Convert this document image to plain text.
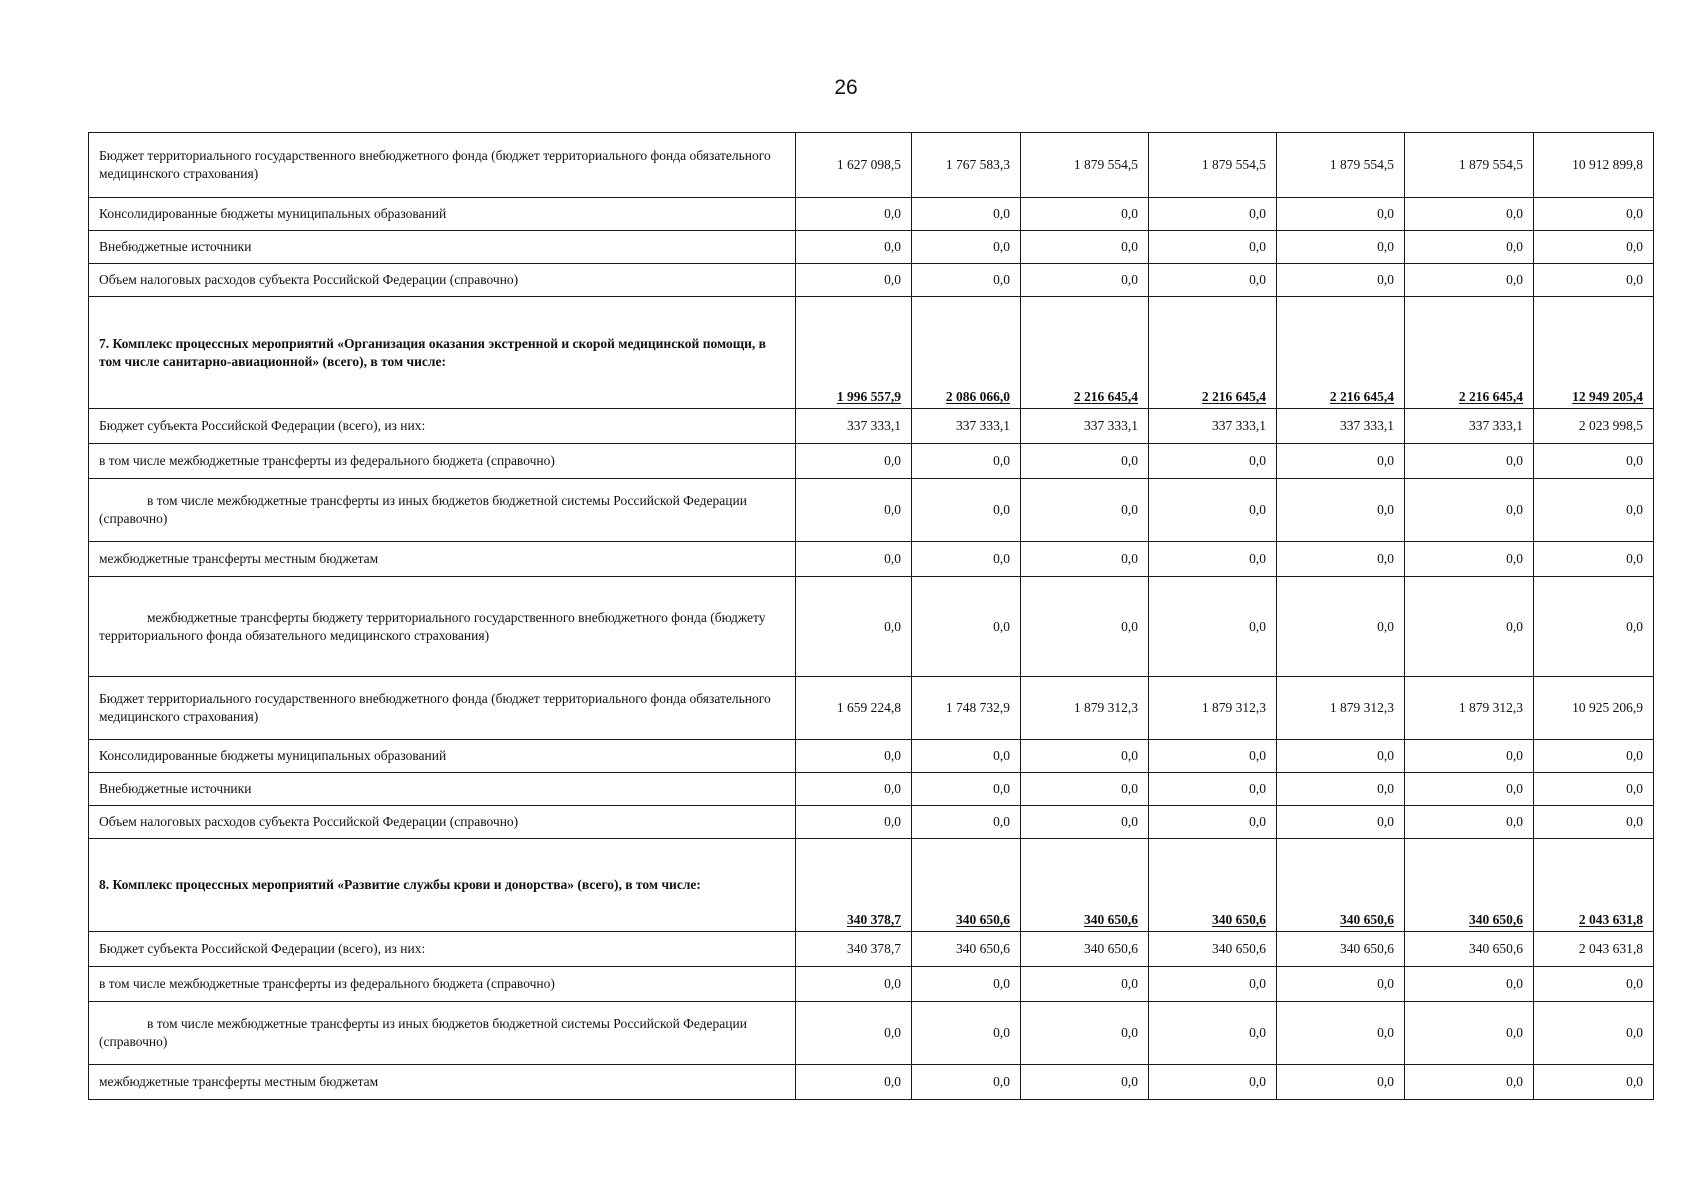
26
Бюджет территориального государственного внебюджетного фонда (бюджет территориального фонда обязательного медицинского страхования)	1 627 098,5	1 767 583,3	1 879 554,5	1 879 554,5	1 879 554,5	1 879 554,5	10 912 899,8
Консолидированные бюджеты муниципальных образований	0,0	0,0	0,0	0,0	0,0	0,0	0,0
Внебюджетные источники	0,0	0,0	0,0	0,0	0,0	0,0	0,0
Объем налоговых расходов субъекта Российской Федерации (справочно)	0,0	0,0	0,0	0,0	0,0	0,0	0,0
7. Комплекс процессных мероприятий «Организация оказания экстренной и скорой медицинской помощи, в том числе санитарно-авиационной» (всего), в том числе:	1 996 557,9	2 086 066,0	2 216 645,4	2 216 645,4	2 216 645,4	2 216 645,4	12 949 205,4
Бюджет субъекта Российской Федерации (всего), из них:	337 333,1	337 333,1	337 333,1	337 333,1	337 333,1	337 333,1	2 023 998,5
в том числе межбюджетные трансферты из федерального бюджета (справочно)	0,0	0,0	0,0	0,0	0,0	0,0	0,0
в том числе межбюджетные трансферты из иных бюджетов бюджетной системы Российской Федерации (справочно)	0,0	0,0	0,0	0,0	0,0	0,0	0,0
межбюджетные трансферты местным бюджетам	0,0	0,0	0,0	0,0	0,0	0,0	0,0
межбюджетные трансферты бюджету территориального государственного внебюджетного фонда (бюджету территориального фонда обязательного медицинского страхования)	0,0	0,0	0,0	0,0	0,0	0,0	0,0
Бюджет территориального государственного внебюджетного фонда (бюджет территориального фонда обязательного медицинского страхования)	1 659 224,8	1 748 732,9	1 879 312,3	1 879 312,3	1 879 312,3	1 879 312,3	10 925 206,9
Консолидированные бюджеты муниципальных образований	0,0	0,0	0,0	0,0	0,0	0,0	0,0
Внебюджетные источники	0,0	0,0	0,0	0,0	0,0	0,0	0,0
Объем налоговых расходов субъекта Российской Федерации (справочно)	0,0	0,0	0,0	0,0	0,0	0,0	0,0
8. Комплекс процессных мероприятий «Развитие службы крови и донорства» (всего), в том числе:	340 378,7	340 650,6	340 650,6	340 650,6	340 650,6	340 650,6	2 043 631,8
Бюджет субъекта Российской Федерации (всего), из них:	340 378,7	340 650,6	340 650,6	340 650,6	340 650,6	340 650,6	2 043 631,8
в том числе межбюджетные трансферты из федерального бюджета (справочно)	0,0	0,0	0,0	0,0	0,0	0,0	0,0
в том числе межбюджетные трансферты из иных бюджетов бюджетной системы Российской Федерации (справочно)	0,0	0,0	0,0	0,0	0,0	0,0	0,0
межбюджетные трансферты местным бюджетам	0,0	0,0	0,0	0,0	0,0	0,0	0,0
